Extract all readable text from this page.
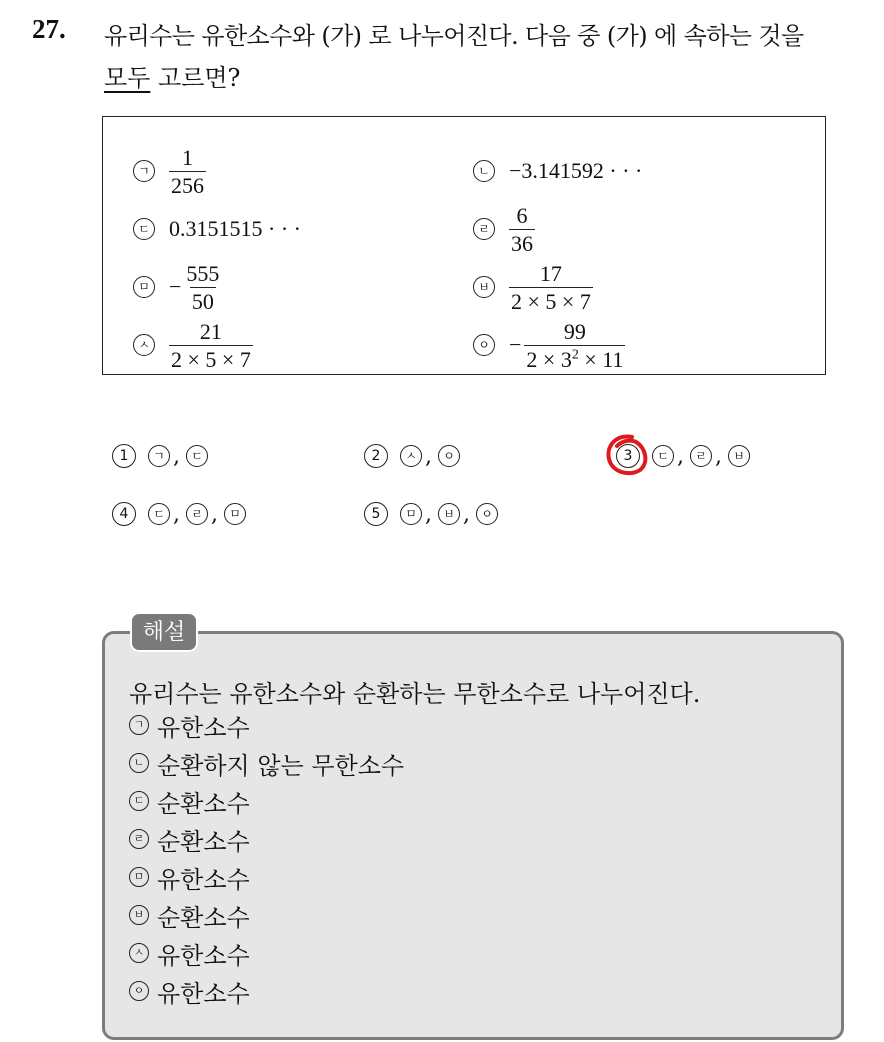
27. 유리수는 유한소수와 (가) 로 나누어진다. 다음 중 (가) 에 속하는 것을
모두 고르면?
ㄱ $\frac{1}{256}$	ㄴ −3.141592 · · ·
ㄷ 0.3151515 · · ·	ㄹ $\frac{6}{36}$
ㅁ − $\frac{555}{50}$	ㅂ $\frac{17}{2 \times 5 \times 7}$
ㅅ $\frac{21}{2 \times 5 \times 7}$	ㅇ − $\frac{99}{2 \times 3^2 \times 11}$
1	ㄱ , ㄷ	2	ㅅ , ㅇ	3	ㄷ , ㄹ , ㅂ
4	ㄷ , ㄹ , ㅁ	5	ㅁ , ㅂ , ㅇ
해설
유리수는 유한소수와 순환하는 무한소수로 나누어진다.
ㄱ 유한소수
ㄴ 순환하지 않는 무한소수
ㄷ 순환소수
ㄹ 순환소수
ㅁ 유한소수
ㅂ 순환소수
ㅅ 유한소수
ㅇ 유한소수
